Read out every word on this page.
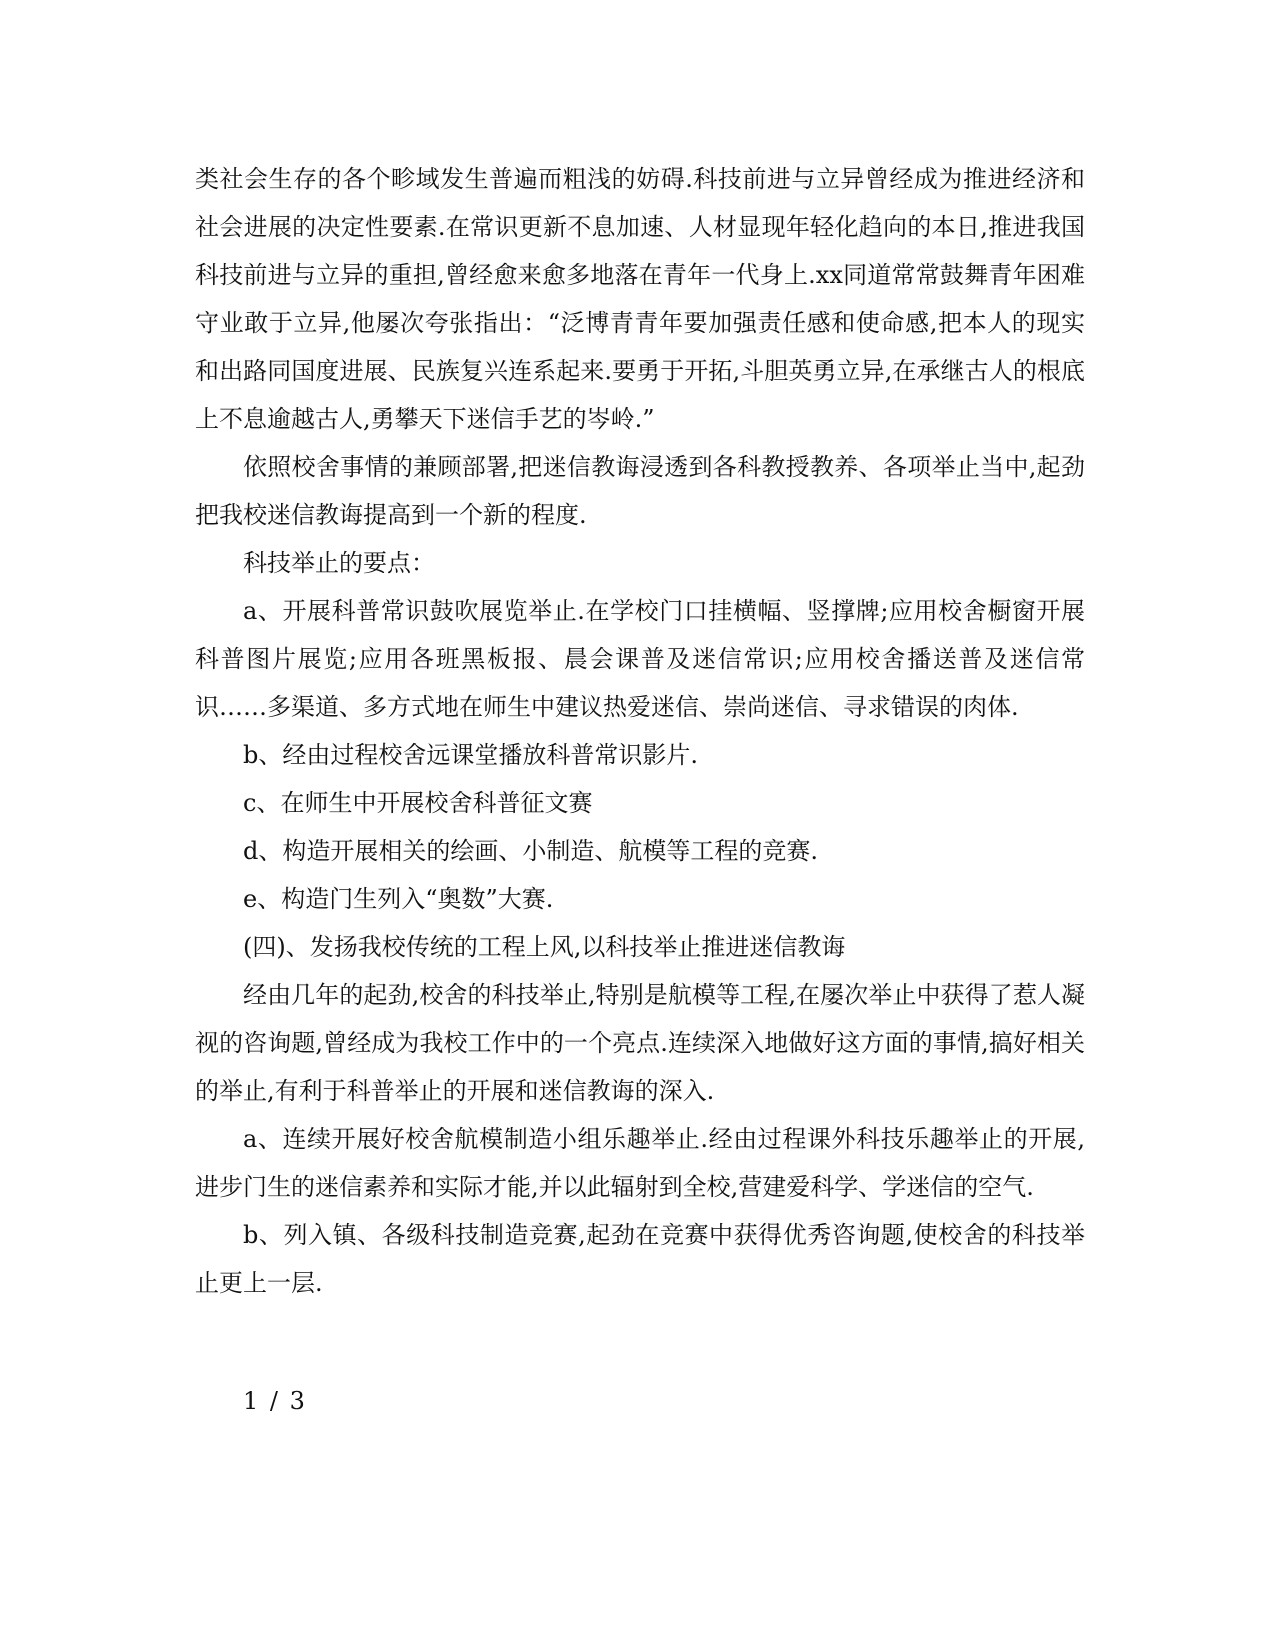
类社会生存的各个畛域发生普遍而粗浅的妨碍.科技前进与立异曾经成为推进经济和社会进展的决定性要素.在常识更新不息加速、人材显现年轻化趋向的本日,推进我国科技前进与立异的重担,曾经愈来愈多地落在青年一代身上.xx同道常常鼓舞青年困难守业敢于立异,他屡次夸张指出：“泛博青青年要加强责任感和使命感,把本人的现实和出路同国度进展、民族复兴连系起来.要勇于开拓,斗胆英勇立异,在承继古人的根底上不息逾越古人,勇攀天下迷信手艺的岑岭.”

依照校舍事情的兼顾部署,把迷信教诲浸透到各科教授教养、各项举止当中,起劲把我校迷信教诲提高到一个新的程度.

科技举止的要点：

a、开展科普常识鼓吹展览举止.在学校门口挂横幅、竖撑牌;应用校舍橱窗开展科普图片展览;应用各班黑板报、晨会课普及迷信常识;应用校舍播送普及迷信常识……多渠道、多方式地在师生中建议热爱迷信、崇尚迷信、寻求错误的肉体.

b、经由过程校舍远课堂播放科普常识影片.

c、在师生中开展校舍科普征文赛

d、构造开展相关的绘画、小制造、航模等工程的竞赛.

e、构造门生列入“奥数”大赛.

(四)、发扬我校传统的工程上风,以科技举止推进迷信教诲

经由几年的起劲,校舍的科技举止,特别是航模等工程,在屡次举止中获得了惹人凝视的咨询题,曾经成为我校工作中的一个亮点.连续深入地做好这方面的事情,搞好相关的举止,有利于科普举止的开展和迷信教诲的深入.

a、连续开展好校舍航模制造小组乐趣举止.经由过程课外科技乐趣举止的开展,进步门生的迷信素养和实际才能,并以此辐射到全校,营建爱科学、学迷信的空气.

b、列入镇、各级科技制造竞赛,起劲在竞赛中获得优秀咨询题,使校舍的科技举止更上一层.

1 / 3
